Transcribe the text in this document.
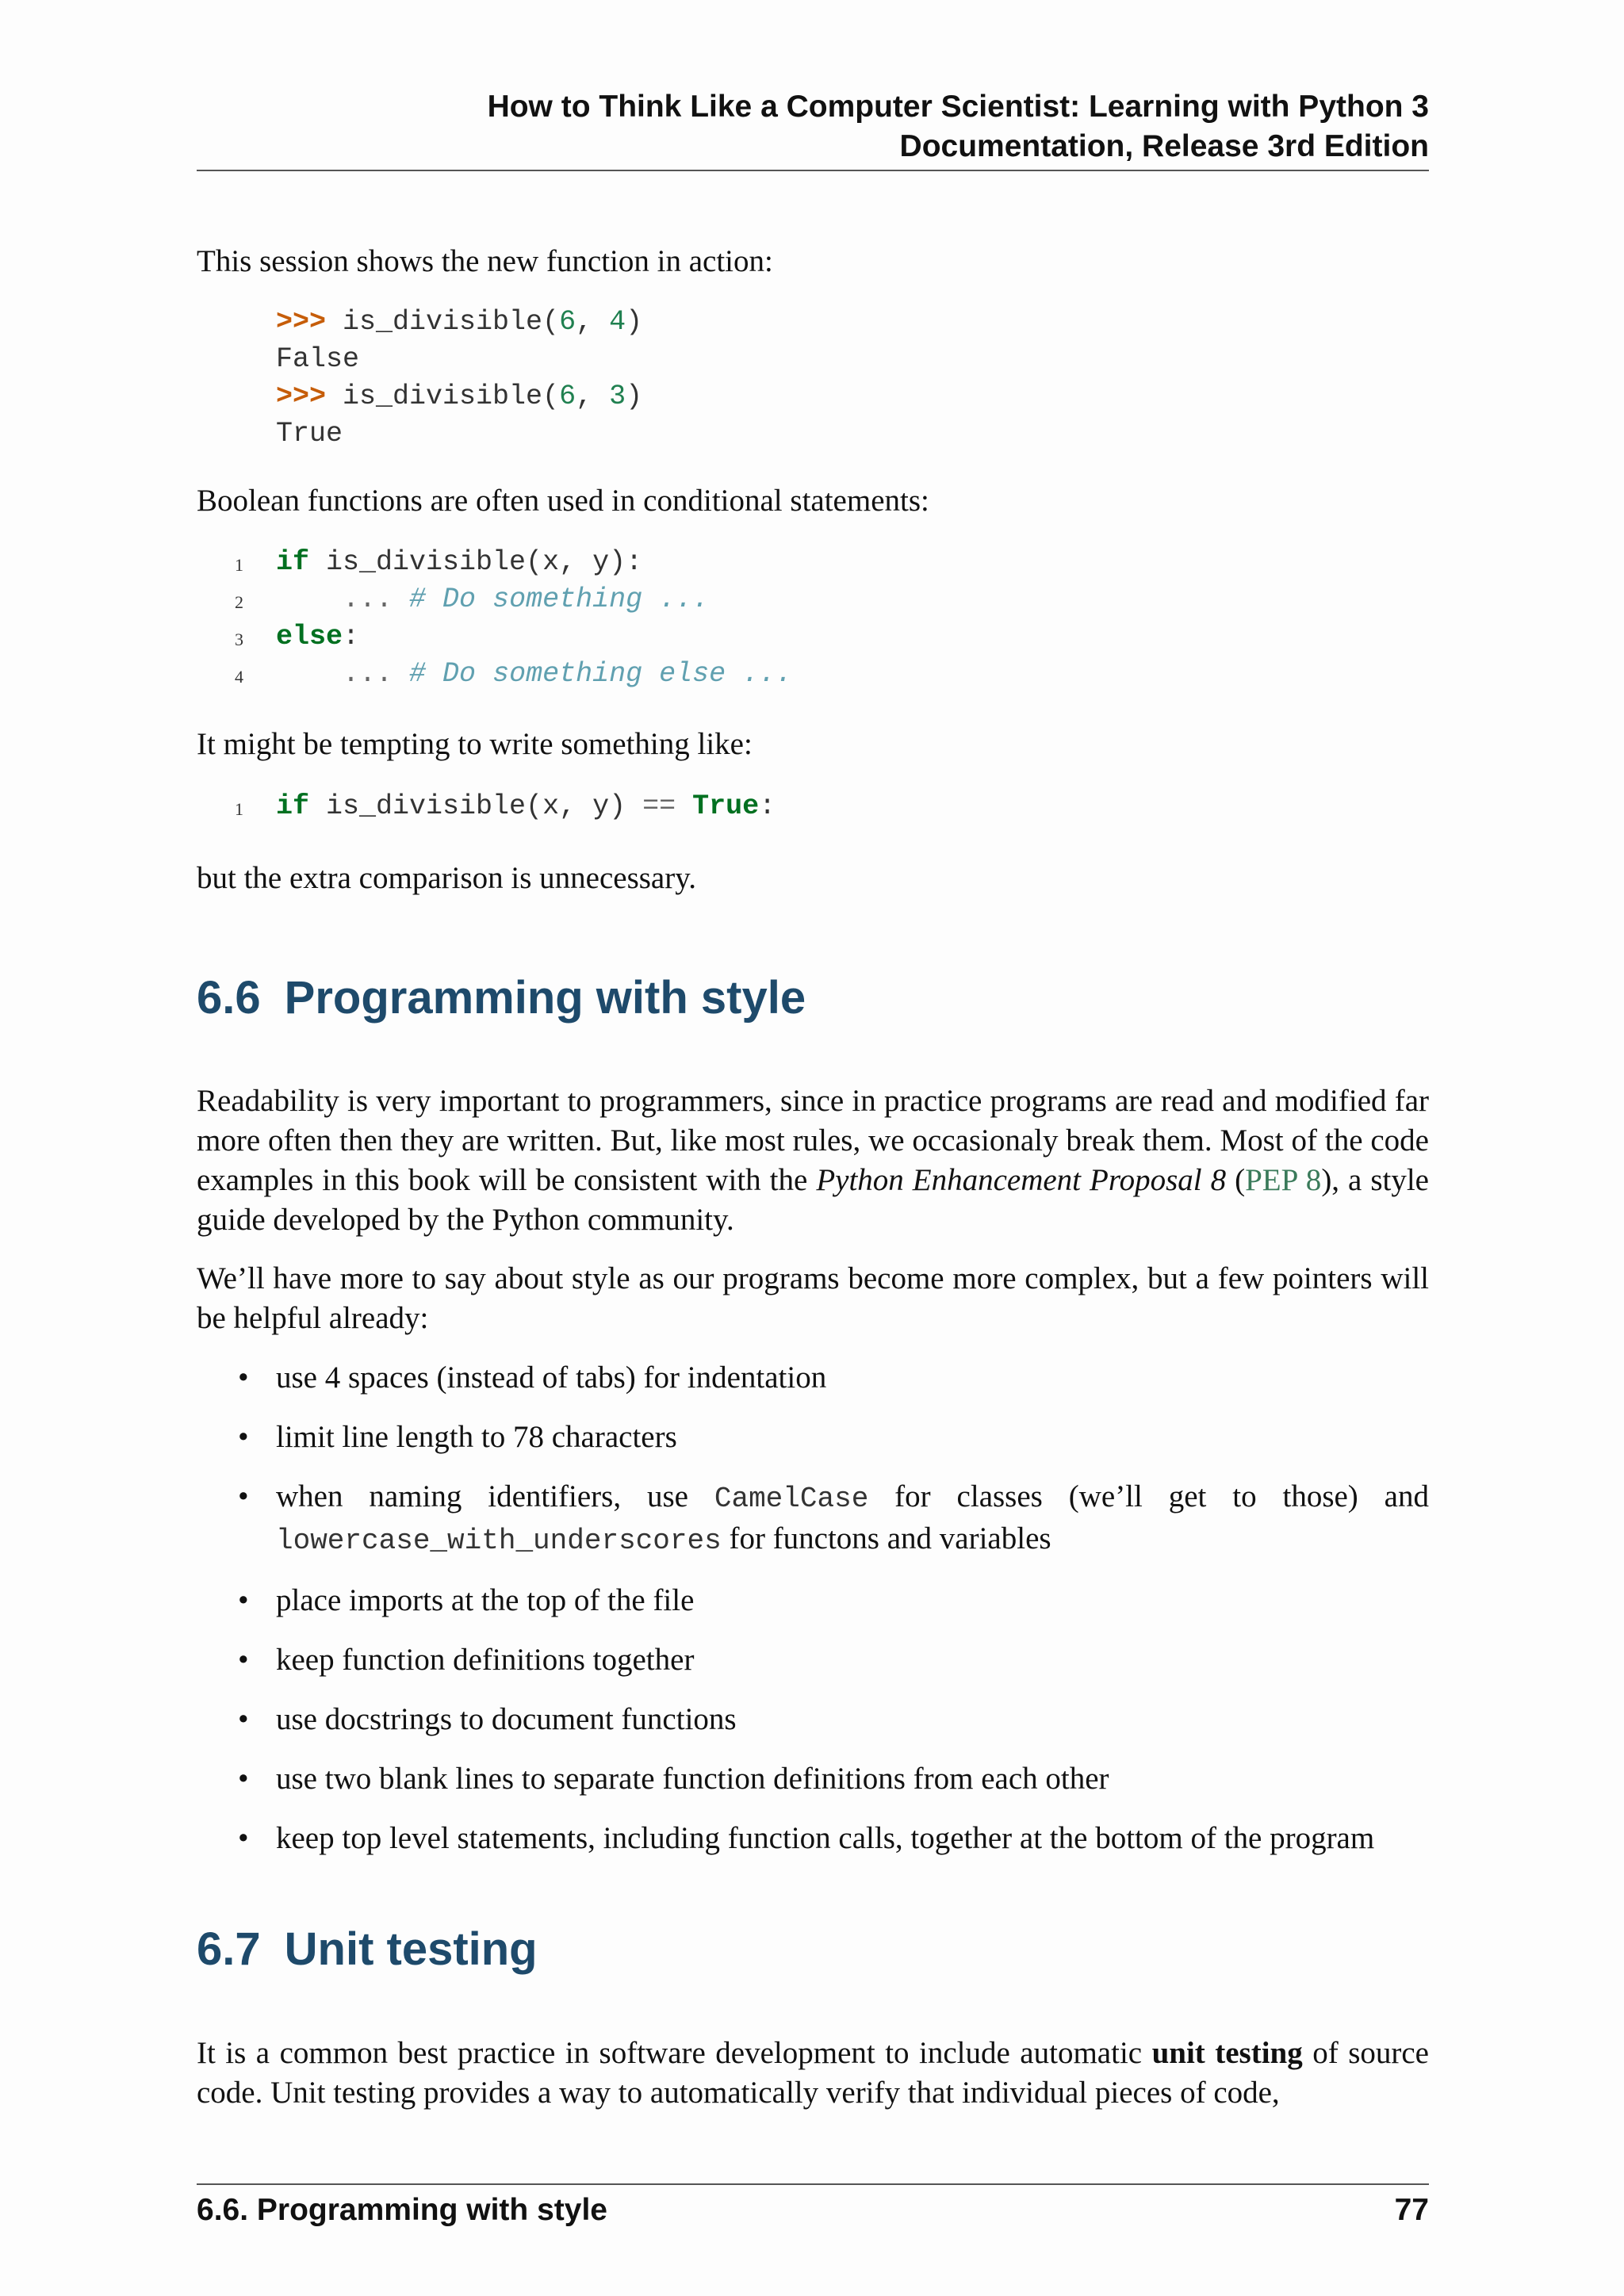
How to Think Like a Computer Scientist: Learning with Python 3
Documentation, Release 3rd Edition
This session shows the new function in action:
>>> is_divisible(6, 4)
False
>>> is_divisible(6, 3)
True
Boolean functions are often used in conditional statements:
1
2
3
4
if is_divisible(x, y):
... # Do something ...
else:
... # Do something else ...
It might be tempting to write something like:
1 if is_divisible(x, y) == True:
but the extra comparison is unnecessary.
6.6 Programming with style
Readability is very important to programmers, since in practice programs are read and modified far more often then they are written. But, like most rules, we occasionaly break them. Most of the code examples in this book will be consistent with the Python Enhancement Proposal 8 (PEP 8), a style guide developed by the Python community.
We’ll have more to say about style as our programs become more complex, but a few pointers will be helpful already:
• use 4 spaces (instead of tabs) for indentation
• limit line length to 78 characters
• when naming identifiers, use CamelCase for classes (we’ll get to those) and lowercase_with_underscores for functons and variables
• place imports at the top of the file
• keep function definitions together
• use docstrings to document functions
• use two blank lines to separate function definitions from each other
• keep top level statements, including function calls, together at the bottom of the program
6.7 Unit testing
It is a common best practice in software development to include automatic unit testing of source code. Unit testing provides a way to automatically verify that individual pieces of code,
6.6. Programming with style	77
